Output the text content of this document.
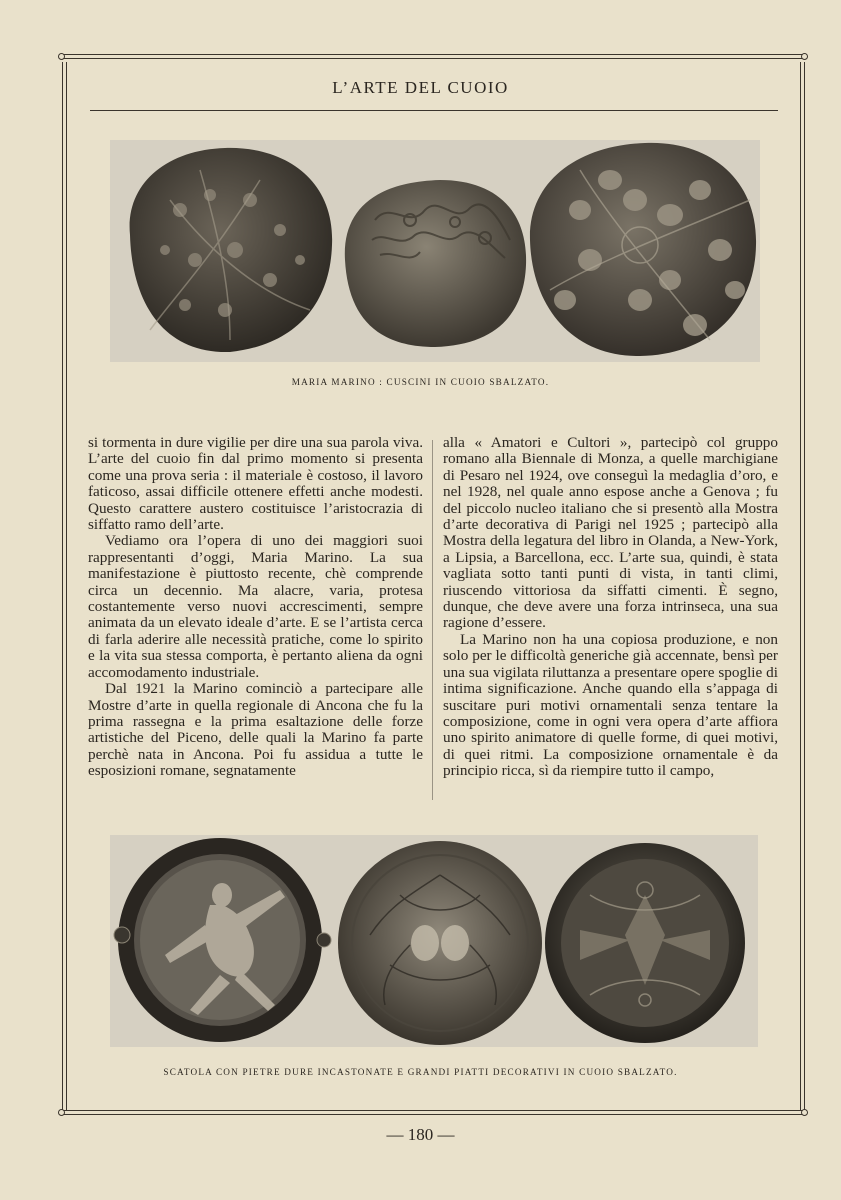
L’ARTE DEL CUOIO
MARIA MARINO : CUSCINI IN CUOIO SBALZATO.

si tormenta in dure vigilie per dire una sua parola viva. L’arte del cuoio fin dal primo momento si presenta come una prova seria : il materiale è costoso, il lavoro faticoso, assai difficile ottenere effetti anche modesti. Questo carattere austero costituisce l’aristocrazia di siffatto ramo dell’arte.

Vediamo ora l’opera di uno dei maggiori suoi rappresentanti d’oggi, Maria Marino. La sua manifestazione è piuttosto recente, chè comprende circa un decennio. Ma alacre, varia, protesa costantemente verso nuovi accrescimenti, sempre animata da un elevato ideale d’arte. E se l’artista cerca di farla aderire alle necessità pratiche, come lo spirito e la vita sua stessa comporta, è pertanto aliena da ogni accomodamento industriale.

Dal 1921 la Marino cominciò a partecipare alle Mostre d’arte in quella regionale di Ancona che fu la prima rassegna e la prima esaltazione delle forze artistiche del Piceno, delle quali la Marino fa parte perchè nata in Ancona. Poi fu assidua a tutte le esposizioni romane, segnatamente

alla « Amatori e Cultori », partecipò col gruppo romano alla Biennale di Monza, a quelle marchigiane di Pesaro nel 1924, ove conseguì la medaglia d’oro, e nel 1928, nel quale anno espose anche a Genova ; fu del piccolo nucleo italiano che si presentò alla Mostra d’arte decorativa di Parigi nel 1925 ; partecipò alla Mostra della legatura del libro in Olanda, a New-York, a Lipsia, a Barcellona, ecc. L’arte sua, quindi, è stata vagliata sotto tanti punti di vista, in tanti climi, riuscendo vittoriosa da siffatti cimenti. È segno, dunque, che deve avere una forza intrinseca, una sua ragione d’essere.

La Marino non ha una copiosa produzione, e non solo per le difficoltà generiche già accennate, bensì per una sua vigilata riluttanza a presentare opere spoglie di intima significazione. Anche quando ella s’appaga di suscitare puri motivi ornamentali senza tentare la composizione, come in ogni vera opera d’arte affiora uno spirito animatore di quelle forme, di quei motivi, di quei ritmi. La composizione ornamentale è da principio ricca, sì da riempire tutto il campo,

SCATOLA CON PIETRE DURE INCASTONATE E GRANDI PIATTI DECORATIVI IN CUOIO SBALZATO.
— 180 —
